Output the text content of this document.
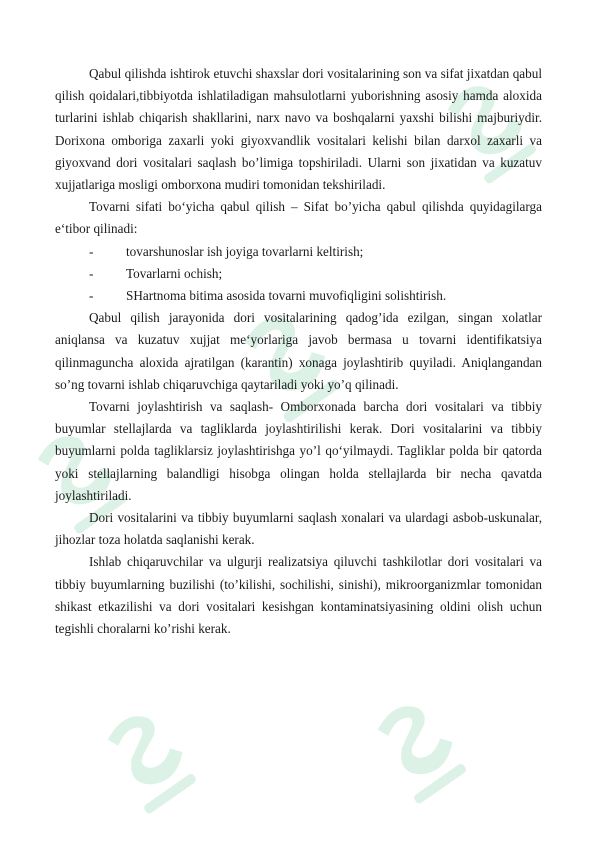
Qabul qilishda ishtirok etuvchi shaxslar dori vositalarining son va sifat jixatdan qabul qilish qoidalari,tibbiyotda ishlatiladigan mahsulotlarni yuborishning asosiy hamda aloxida turlarini ishlab chiqarish shakllarini, narx navo va boshqalarni yaxshi bilishi majburiydir. Dorixona omboriga zaxarli yoki giyoxvandlik vositalari kelishi bilan darxol zaxarli va giyoxvand dori vositalari saqlash bo’limiga topshiriladi. Ularni son jixatidan va kuzatuv xujjatlariga mosligi omborxona mudiri tomonidan tekshiriladi.

Tovarni sifati bo‘yicha qabul qilish – Sifat bo’yicha qabul qilishda quyidagilarga e‘tibor qilinadi:

-	tovarshunoslar ish joyiga tovarlarni keltirish;
-	Tovarlarni ochish;
-	SHartnoma bitima asosida tovarni muvofiqligini solishtirish.

Qabul qilish jarayonida dori vositalarining qadog’ida ezilgan, singan xolatlar aniqlansa va kuzatuv xujjat me‘yorlariga javob bermasa u tovarni identifikatsiya qilinmaguncha aloxida ajratilgan (karantin) xonaga joylashtirib quyiladi. Aniqlangandan so’ng tovarni ishlab chiqaruvchiga qaytariladi yoki yo’q qilinadi.

Tovarni joylashtirish va saqlash- Omborxonada barcha dori vositalari va tibbiy buyumlar stellajlarda va tagliklarda joylashtirilishi kerak. Dori vositalarini va tibbiy buyumlarni polda tagliklarsiz joylashtirishga yo’l qo‘yilmaydi. Tagliklar polda bir qatorda yoki stellajlarning balandligi hisobga olingan holda stellajlarda bir necha qavatda joylashtiriladi.

Dori vositalarini va tibbiy buyumlarni saqlash xonalari va ulardagi asbob-uskunalar, jihozlar toza holatda saqlanishi kerak.

Ishlab chiqaruvchilar va ulgurji realizatsiya qiluvchi tashkilotlar dori vositalari va tibbiy buyumlarning buzilishi (to’kilishi, sochilishi, sinishi), mikroorganizmlar tomonidan shikast etkazilishi va dori vositalari kesishgan kontaminatsiyasining oldini olish uchun tegishli choralarni ko’rishi kerak.
